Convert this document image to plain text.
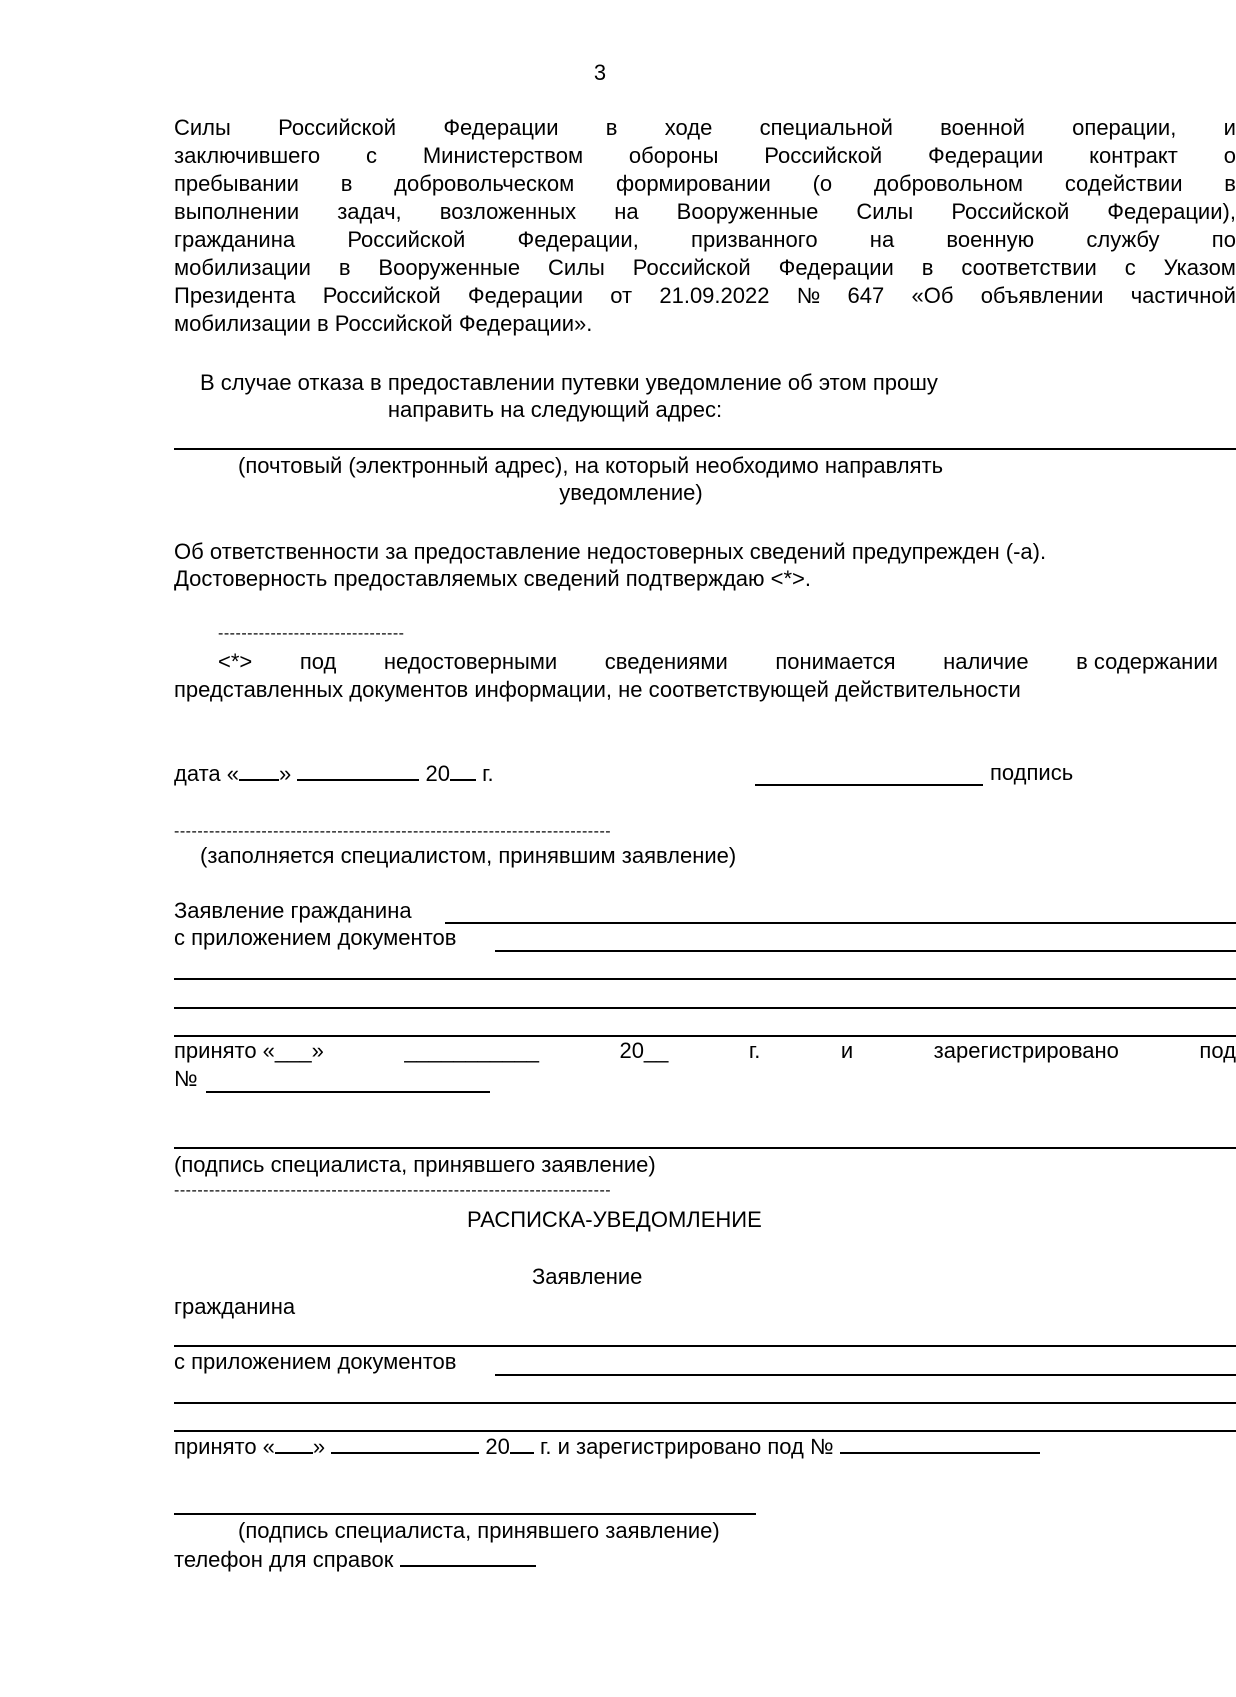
3
Силы Российской Федерации в ходе специальной военной операции, и
заключившего с Министерством обороны Российской Федерации контракт о
пребывании в добровольческом формировании (о добровольном содействии в
выполнении задач, возложенных на Вооруженные Силы Российской Федерации),
гражданина Российской Федерации, призванного на военную службу по
мобилизации в Вооруженные Силы Российской Федерации в соответствии с Указом
Президента Российской Федерации от 21.09.2022 № 647 «Об объявлении частичной
мобилизации в Российской Федерации».
В случае отказа в предоставлении путевки уведомление об этом прошу
направить на следующий адрес:
(почтовый (электронный адрес), на который необходимо направлять
уведомление)
Об ответственности за предоставление недостоверных сведений предупрежден (-а).
Достоверность предоставляемых сведений подтверждаю <*>.
--------------------------------
<*> под недостоверными сведениями понимается наличие в содержании
представленных документов информации, не соответствующей действительности
дата « »	20 г.	подпись
---------------------------------------------------------------------------
(заполняется специалистом, принявшим заявление)
Заявление гражданина
с приложением документов
принято «___»	___________	20__	г.	и	зарегистрировано	под
№
(подпись специалиста, принявшего заявление)
---------------------------------------------------------------------------
РАСПИСКА-УВЕДОМЛЕНИЕ
Заявление
гражданина
с приложением документов
принято « »	20 г. и зарегистрировано под №
(подпись специалиста, принявшего заявление)
телефон для справок
